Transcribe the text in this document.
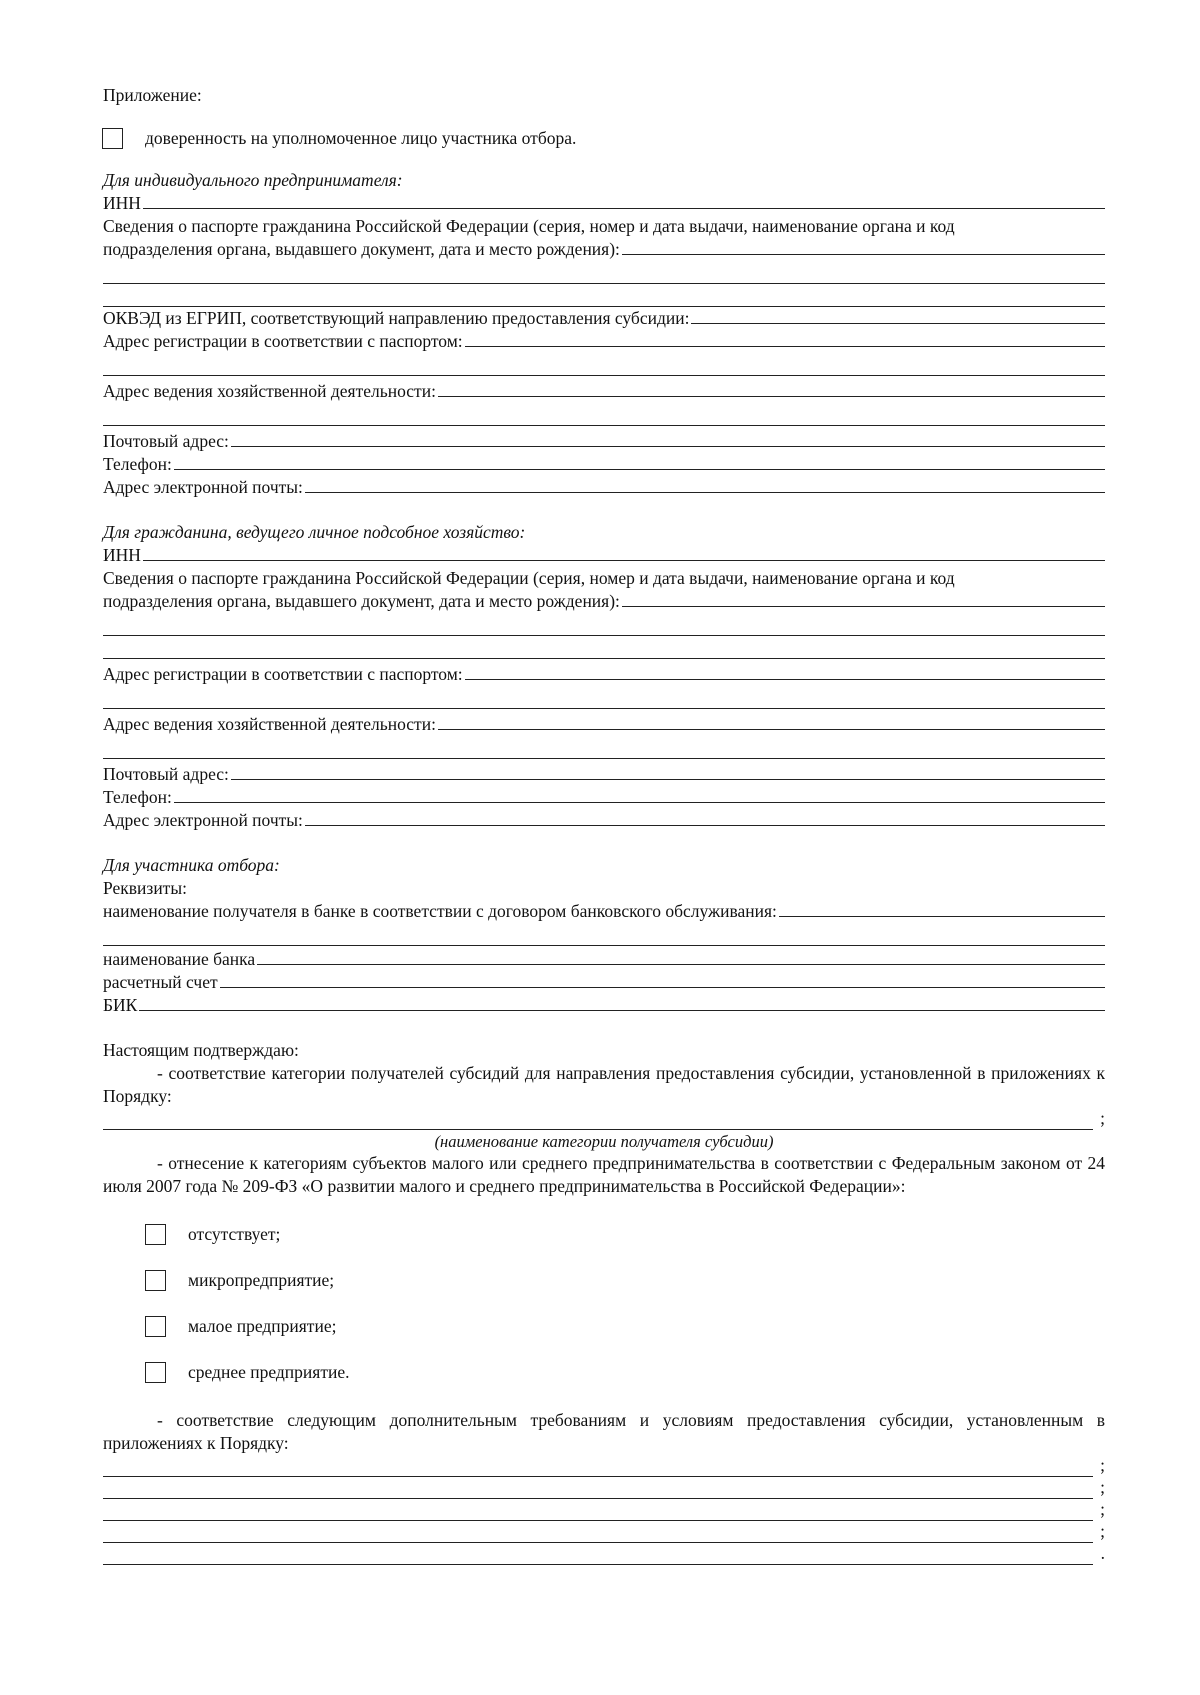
Приложение:
доверенность на уполномоченное лицо участника отбора.
Для индивидуального предпринимателя:
ИНН
Сведения о паспорте гражданина Российской Федерации (серия, номер и дата выдачи, наименование органа и код
подразделения органа, выдавшего документ, дата и место рождения):
ОКВЭД из ЕГРИП, соответствующий направлению предоставления субсидии:
Адрес регистрации в соответствии с паспортом:
Адрес ведения хозяйственной деятельности:
Почтовый адрес:
Телефон:
Адрес электронной почты:
Для гражданина, ведущего личное подсобное хозяйство:
ИНН
Сведения о паспорте гражданина Российской Федерации (серия, номер и дата выдачи, наименование органа и код
подразделения органа, выдавшего документ, дата и место рождения):
Адрес регистрации в соответствии с паспортом:
Адрес ведения хозяйственной деятельности:
Почтовый адрес:
Телефон:
Адрес электронной почты:
Для участника отбора:
Реквизиты:
наименование получателя в банке в соответствии с договором банковского обслуживания:
наименование банка
расчетный счет
БИК
Настоящим подтверждаю:
- соответствие категории получателей субсидий для направления предоставления субсидии, установленной в приложениях к Порядку:
;
(наименование категории получателя субсидии)
- отнесение к категориям субъектов малого или среднего предпринимательства в соответствии с Федеральным законом от 24 июля 2007 года № 209-ФЗ «О развитии малого и среднего предпринимательства в Российской Федерации»:
отсутствует;
микропредприятие;
малое предприятие;
среднее предприятие.
- соответствие следующим дополнительным требованиям и условиям предоставления субсидии, установленным в приложениях к Порядку:
;
;
;
;
.
